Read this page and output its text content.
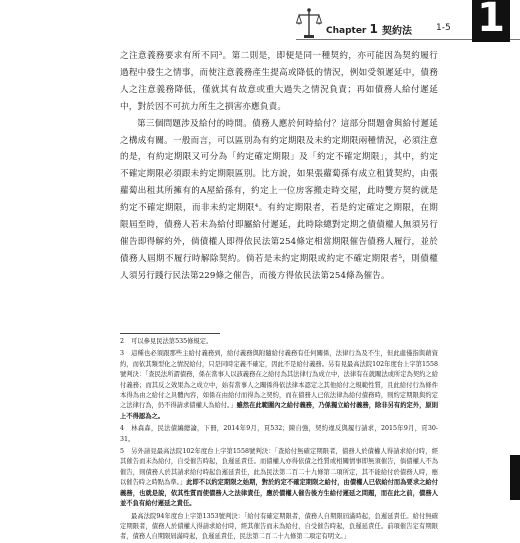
Chapter 1 契約法	1-5 1

之注意義務要求有所不同³。第二則是，即便是同一種契約，亦可能因為契約履行過程中發生之情事，而使注意義務產生提高或降低的情況，例如受領遲延中，債務人之注意義務降低，僅就其有故意或重大過失之情況負責；再如債務人給付遲延中，對於因不可抗力所生之損害亦應負責。

第三個問題涉及給付的時間。債務人應於何時給付？這部分問題會與給付遲延之構成有關。一般而言，可以區別為有約定期限及未約定期限兩種情況，必須注意的是，有約定期限又可分為「約定確定期限」及「約定不確定期限」，其中，約定不確定期限必須跟未約定期限區別。比方說，如果張蘿蔔孫有成立租賃契約，由張蘿蔔出租其所擁有的A屋給孫有，約定上一位房客搬走時交屋，此時雙方契約就是約定不確定期限，而非未約定期限⁴。有約定期限者，若是約定確定之期限，在期限屆至時，債務人若未為給付即屬給付遲延，此時除總對定期之債債權人無須另行催告即得解約外，倘債權人即得依民法第254條定相當期限催告債務人履行，並於債務人屆期不履行時解除契約。倘若是未約定期限或約定不確定期限者⁵，則債權人須另行踐行民法第229條之催告，而後方得依民法第254條為催告。

2 可以參見民法第535條規定。

3 這種也必須跟那些主給付義務到，給付義務與附隨給付義務有任何關係，法律行為及不生，但此處僅指與藉資約，而依其類型化之情況給付，只是同時定義不確定，因此不是給付義務。另有見最高法院102年度台上字第1558號判決：「查民法所謂債務，係在當事人以該義務在之給付為其法律行為成立中，法律有在就關法或所定為契約之給付義務；而其反之效果為之成立中，始有當事人之關係得依法律本認定之其他給付之規範性質，且此給付行為條件本得為由之給付之具體內容，如係在由給付而得為之契約，而在債務人已依法律為給付債務時，則約定期限與約定之法律行為，仍不得請求債權人為給付。」雖然在此範圍內之給付義務，乃係獨立給付義務，除非另有約定外，原則上不得認為之。

4 林森森，民法債編總論，下冊，2014年9月，頁532；陳自強，契約違反與履行請求，2015年9月，頁30-31。

5 另外請見最高法院102年度台上字第1558號判決：「查給付無確定期限者，債務人於債權人得請求給付時，經其催告而未為給付，自受催告時起，負遲延責任。而債權人亦得依債之性質或相關情事即無須催告，倘債權人不為催告，則債務人於其請求給付時起負遲延責任，此為民法第二百二十九條第二項所定，其不能給付於債務人時，應以催告時之時點為準。」此即不以約定期限之始期，對於約定不確定期限之給付，由債權人已依給付而為要求之給付義務，也就是說，依其性質而使債務人之法律責任，應於債權人催告後方生給付遲延之問題，而在此之前，債務人並不負有給付遲延之責任。

最高法院94年度台上字第1353號判決：「給付有確定期限者，債務人自期限屆滿時起，負遲延責任。給付無確定期限者，債務人於債權人得請求給付時，經其催告而未為給付，自受催告時起，負遲延責任。前項催告定有期限者，債務人自期限屆滿時起，負遲延責任，民法第二百二十九條第二項定有明文。」
